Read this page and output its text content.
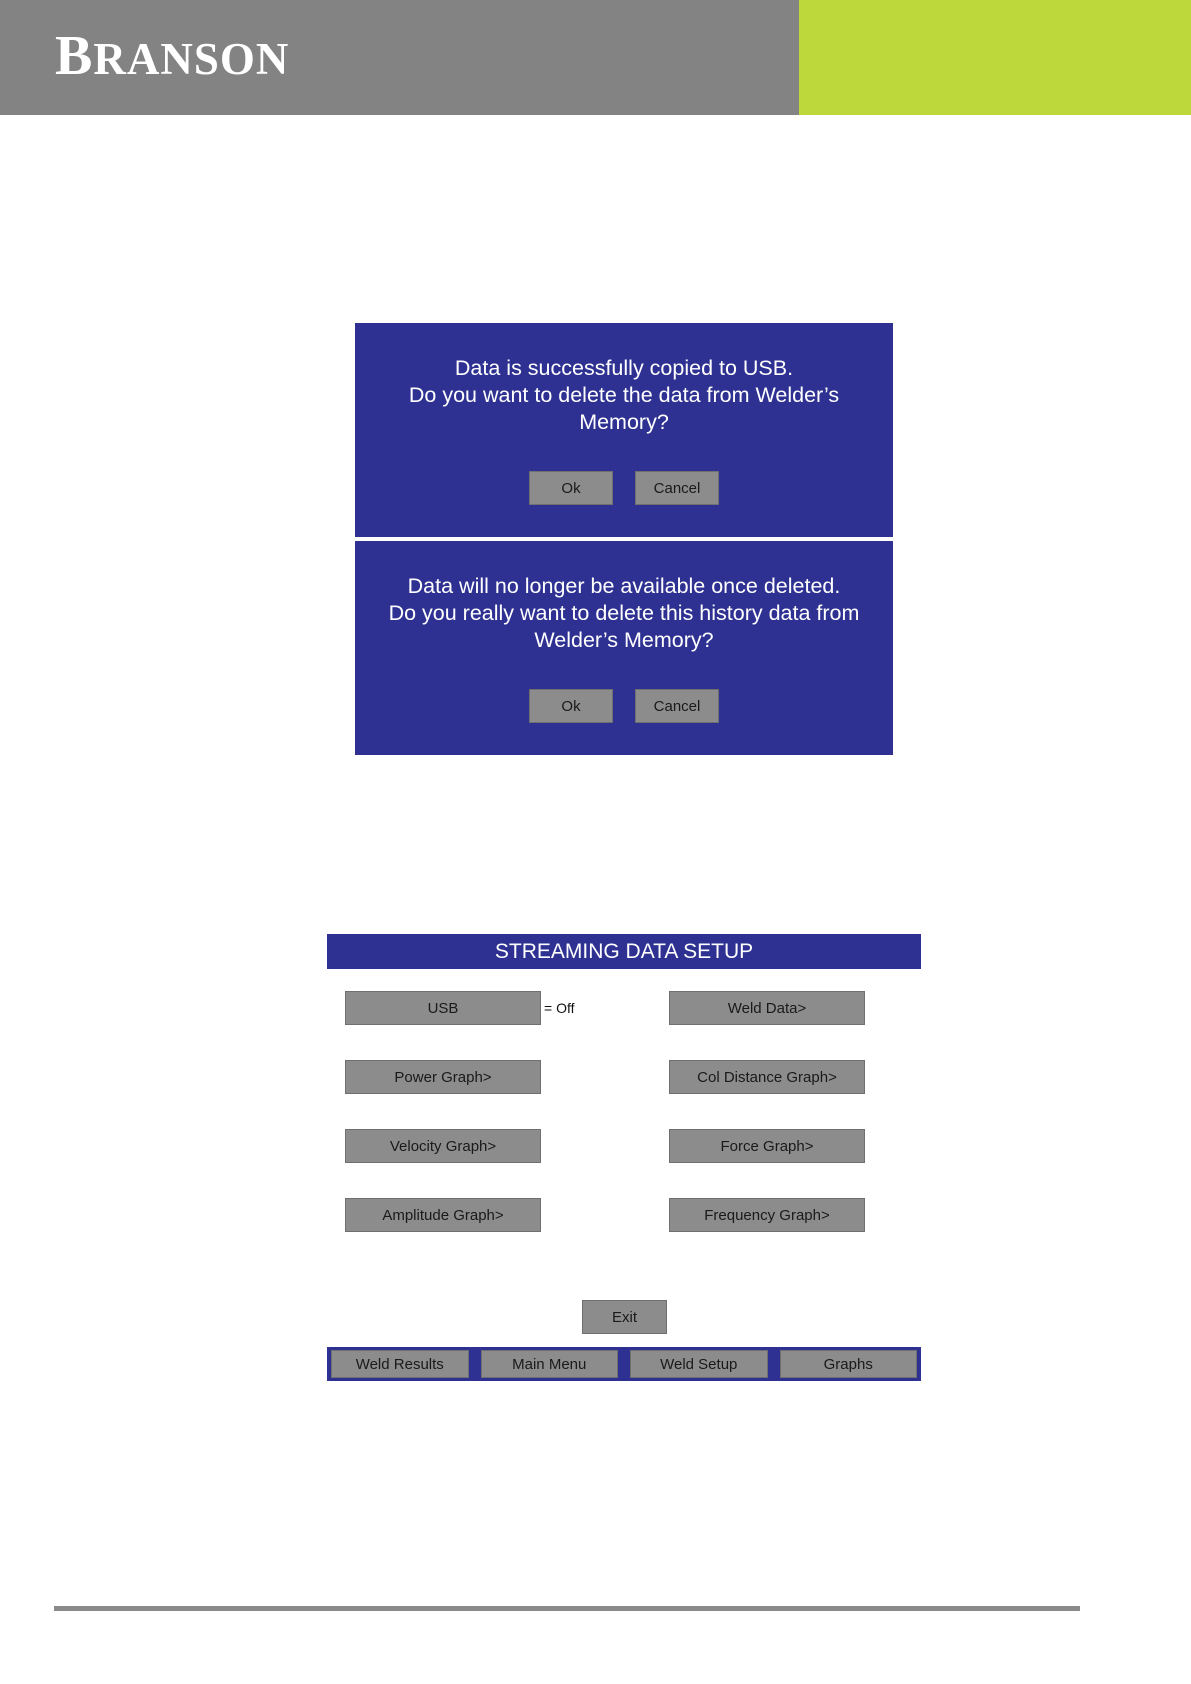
BRANSON
Data is successfully copied to USB.
Do you want to delete the data from Welder’s
Memory?
Ok	Cancel
Data will no longer be available once deleted.
Do you really want to delete this history data from
Welder’s Memory?
Ok	Cancel
STREAMING DATA SETUP
USB	= Off	Weld Data>
Power Graph>	Col Distance Graph>
Velocity Graph>	Force Graph>
Amplitude Graph>	Frequency Graph>
Exit
Weld Results	Main Menu	Weld Setup	Graphs
